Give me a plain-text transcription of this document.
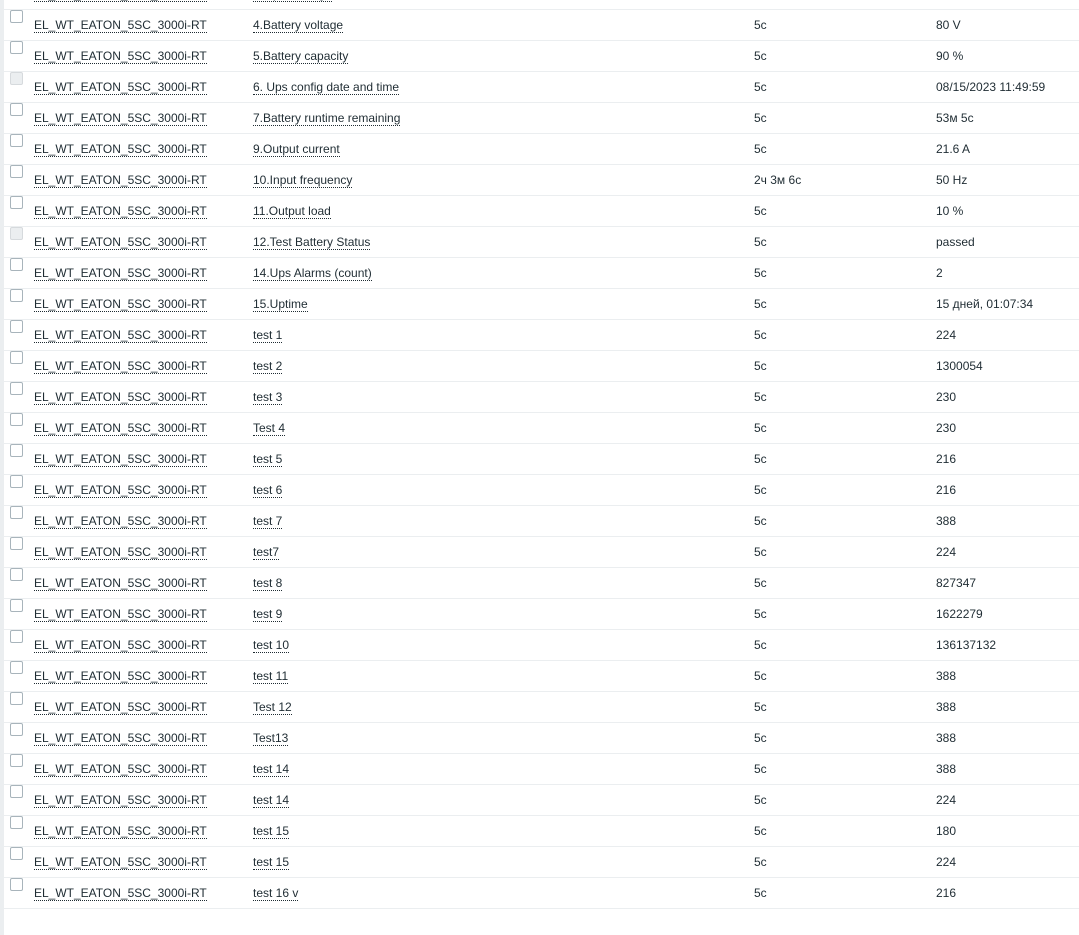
EL_WT_EATON_5SC_3000i-RT	4.Battery voltage	5c	80 V
EL_WT_EATON_5SC_3000i-RT	5.Battery capacity	5c	90 %
EL_WT_EATON_5SC_3000i-RT	6. Ups config date and time	5c	08/15/2023 11:49:59
EL_WT_EATON_5SC_3000i-RT	7.Battery runtime remaining	5c	53м 5с
EL_WT_EATON_5SC_3000i-RT	9.Output current	5c	21.6 A
EL_WT_EATON_5SC_3000i-RT	10.Input frequency	2ч 3м 6с	50 Hz
EL_WT_EATON_5SC_3000i-RT	11.Output load	5c	10 %
EL_WT_EATON_5SC_3000i-RT	12.Test Battery Status	5c	passed
EL_WT_EATON_5SC_3000i-RT	14.Ups Alarms (count)	5c	2
EL_WT_EATON_5SC_3000i-RT	15.Uptime	5c	15 дней, 01:07:34
EL_WT_EATON_5SC_3000i-RT	test 1	5c	224
EL_WT_EATON_5SC_3000i-RT	test 2	5c	1300054
EL_WT_EATON_5SC_3000i-RT	test 3	5c	230
EL_WT_EATON_5SC_3000i-RT	Test 4	5c	230
EL_WT_EATON_5SC_3000i-RT	test 5	5c	216
EL_WT_EATON_5SC_3000i-RT	test 6	5c	216
EL_WT_EATON_5SC_3000i-RT	test 7	5c	388
EL_WT_EATON_5SC_3000i-RT	test7	5c	224
EL_WT_EATON_5SC_3000i-RT	test 8	5c	827347
EL_WT_EATON_5SC_3000i-RT	test 9	5c	1622279
EL_WT_EATON_5SC_3000i-RT	test 10	5c	136137132
EL_WT_EATON_5SC_3000i-RT	test 11	5c	388
EL_WT_EATON_5SC_3000i-RT	Test 12	5c	388
EL_WT_EATON_5SC_3000i-RT	Test13	5c	388
EL_WT_EATON_5SC_3000i-RT	test 14	5c	388
EL_WT_EATON_5SC_3000i-RT	test 14	5c	224
EL_WT_EATON_5SC_3000i-RT	test 15	5c	180
EL_WT_EATON_5SC_3000i-RT	test 15	5c	224
EL_WT_EATON_5SC_3000i-RT	test 16 v	5c	216
